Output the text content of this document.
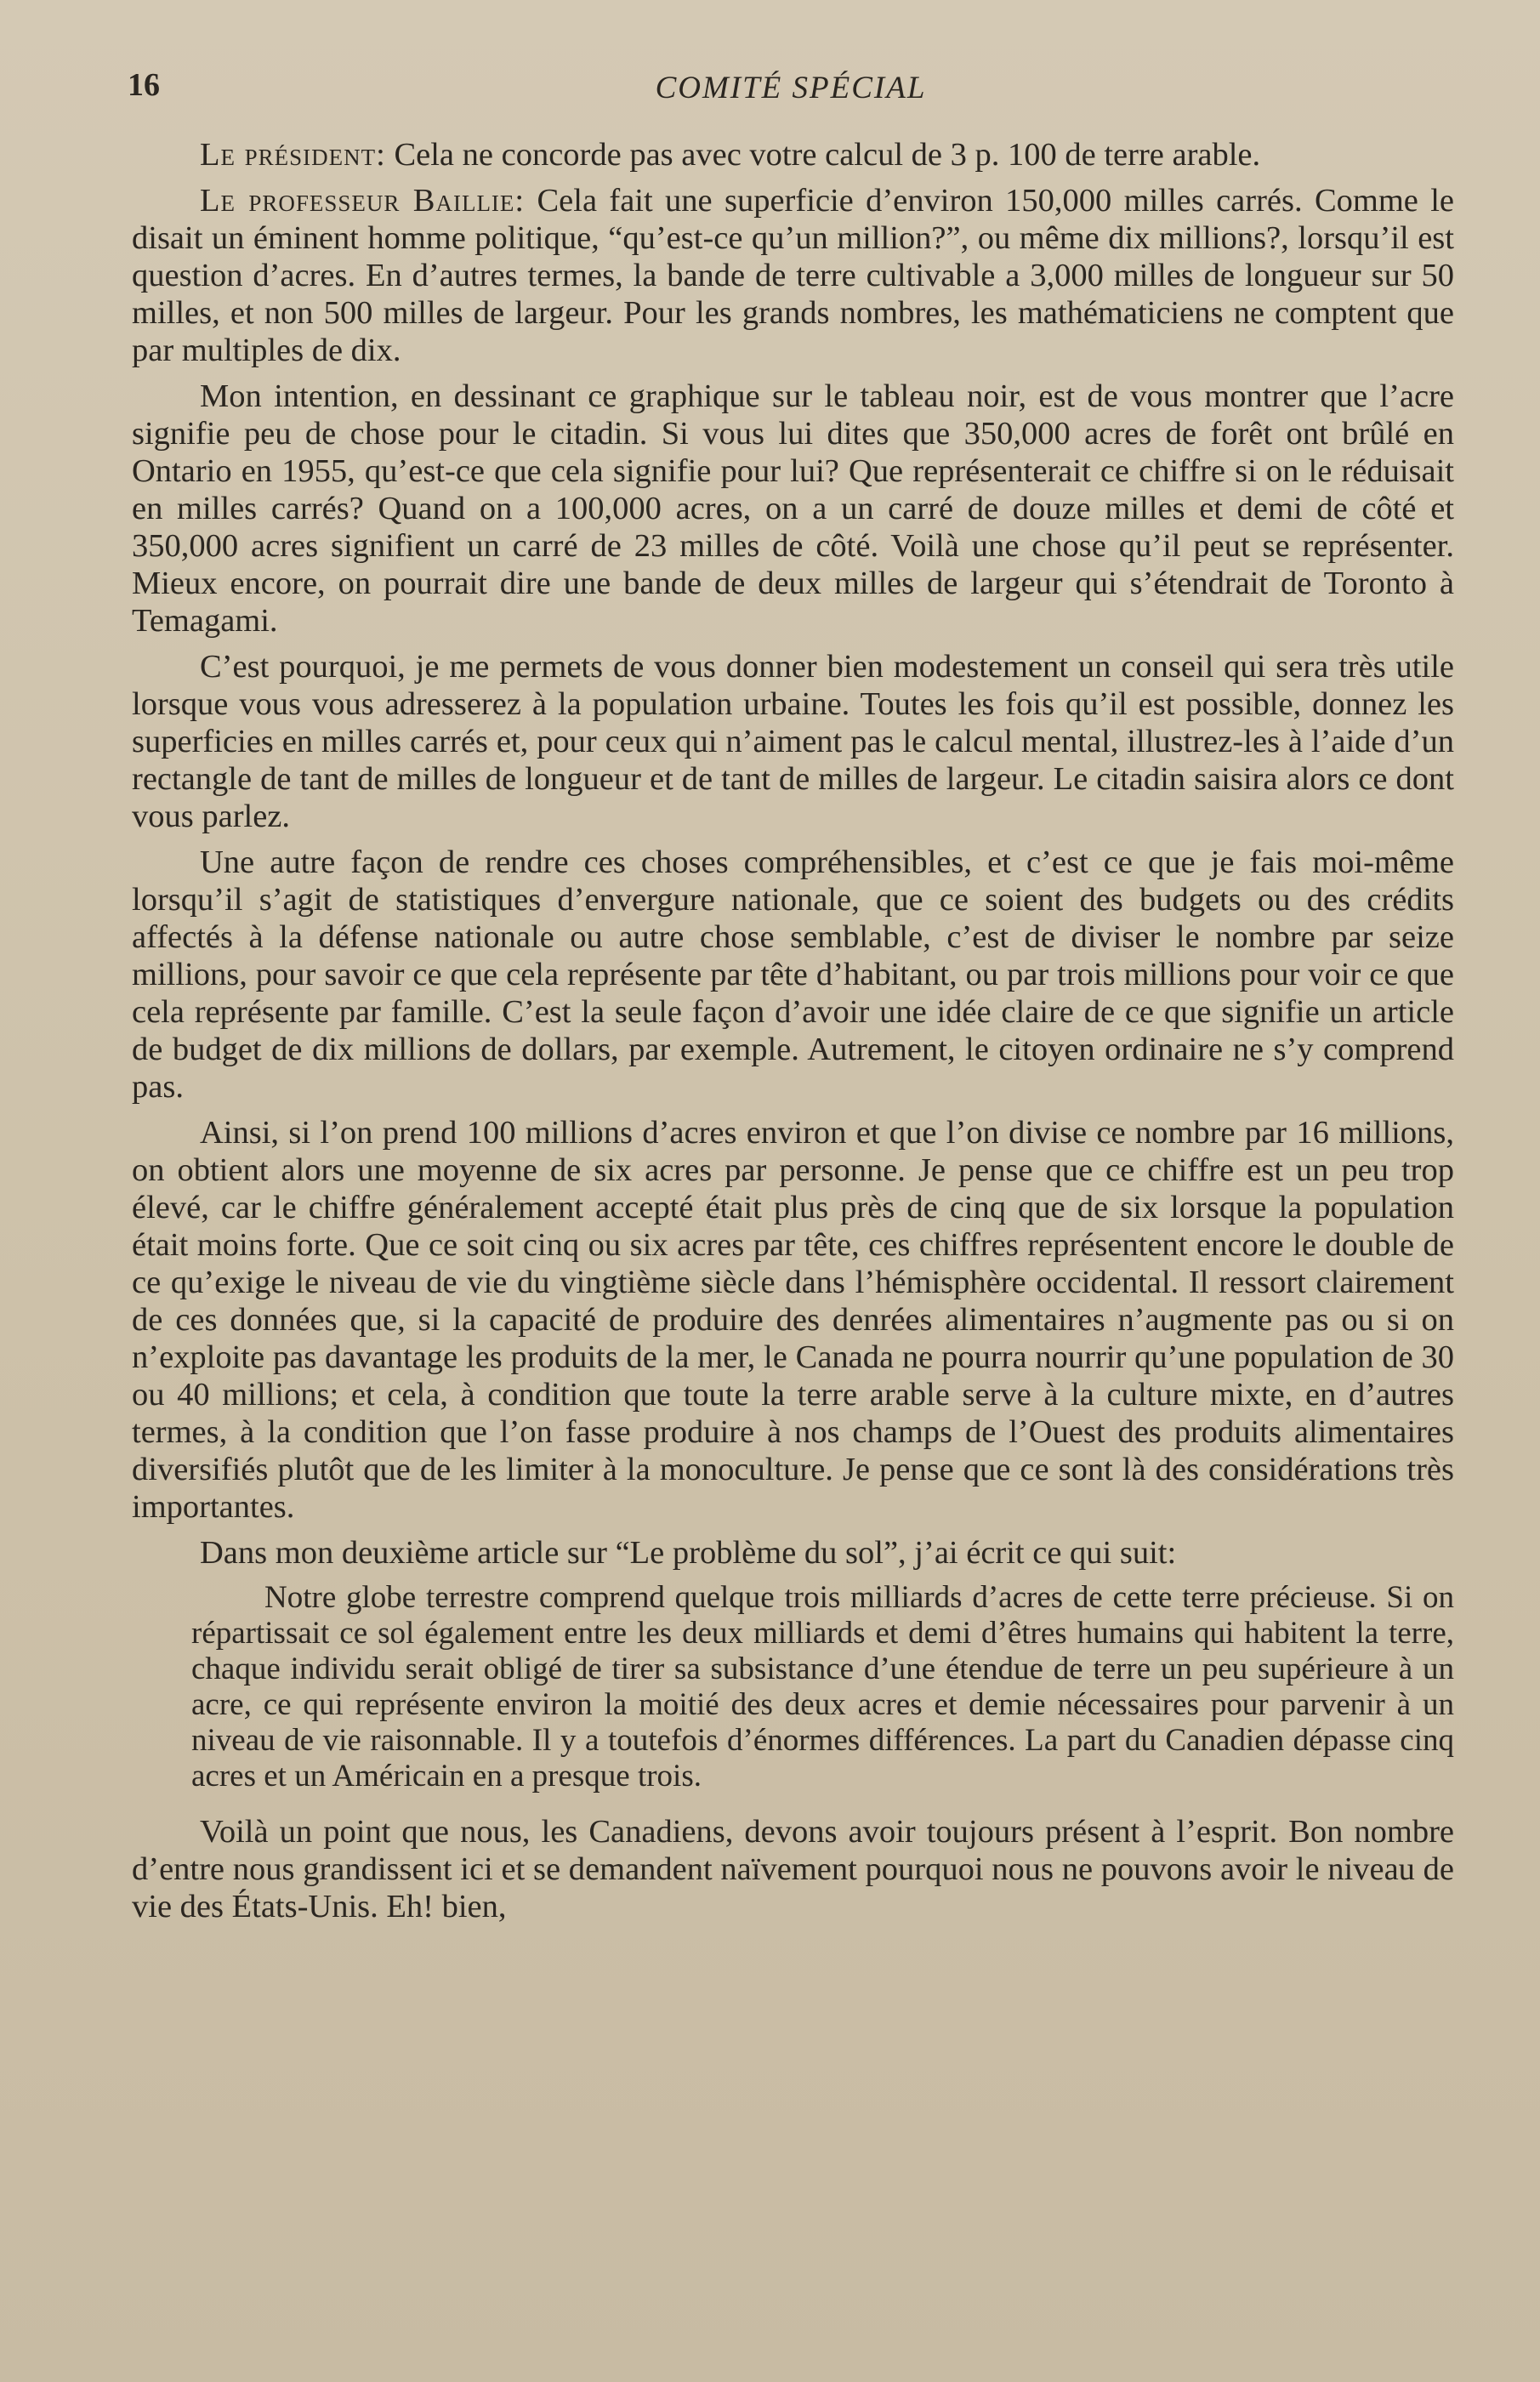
16	COMITÉ SPÉCIAL

Le président: Cela ne concorde pas avec votre calcul de 3 p. 100 de terre arable.

Le professeur Baillie: Cela fait une superficie d’environ 150,000 milles carrés. Comme le disait un éminent homme politique, “qu’est-ce qu’un million?”, ou même dix millions?, lorsqu’il est question d’acres. En d’autres termes, la bande de terre cultivable a 3,000 milles de longueur sur 50 milles, et non 500 milles de largeur. Pour les grands nombres, les mathématiciens ne comptent que par multiples de dix.

Mon intention, en dessinant ce graphique sur le tableau noir, est de vous montrer que l’acre signifie peu de chose pour le citadin. Si vous lui dites que 350,000 acres de forêt ont brûlé en Ontario en 1955, qu’est-ce que cela signifie pour lui? Que représenterait ce chiffre si on le réduisait en milles carrés? Quand on a 100,000 acres, on a un carré de douze milles et demi de côté et 350,000 acres signifient un carré de 23 milles de côté. Voilà une chose qu’il peut se représenter. Mieux encore, on pourrait dire une bande de deux milles de largeur qui s’étendrait de Toronto à Temagami.

C’est pourquoi, je me permets de vous donner bien modestement un conseil qui sera très utile lorsque vous vous adresserez à la population urbaine. Toutes les fois qu’il est possible, donnez les superficies en milles carrés et, pour ceux qui n’aiment pas le calcul mental, illustrez-les à l’aide d’un rectangle de tant de milles de longueur et de tant de milles de largeur. Le citadin saisira alors ce dont vous parlez.

Une autre façon de rendre ces choses compréhensibles, et c’est ce que je fais moi-même lorsqu’il s’agit de statistiques d’envergure nationale, que ce soient des budgets ou des crédits affectés à la défense nationale ou autre chose semblable, c’est de diviser le nombre par seize millions, pour savoir ce que cela représente par tête d’habitant, ou par trois millions pour voir ce que cela représente par famille. C’est la seule façon d’avoir une idée claire de ce que signifie un article de budget de dix millions de dollars, par exemple. Autrement, le citoyen ordinaire ne s’y comprend pas.

Ainsi, si l’on prend 100 millions d’acres environ et que l’on divise ce nombre par 16 millions, on obtient alors une moyenne de six acres par personne. Je pense que ce chiffre est un peu trop élevé, car le chiffre généralement accepté était plus près de cinq que de six lorsque la population était moins forte. Que ce soit cinq ou six acres par tête, ces chiffres représentent encore le double de ce qu’exige le niveau de vie du vingtième siècle dans l’hémisphère occidental. Il ressort clairement de ces données que, si la capacité de produire des denrées alimentaires n’augmente pas ou si on n’exploite pas davantage les produits de la mer, le Canada ne pourra nourrir qu’une population de 30 ou 40 millions; et cela, à condition que toute la terre arable serve à la culture mixte, en d’autres termes, à la condition que l’on fasse produire à nos champs de l’Ouest des produits alimentaires diversifiés plutôt que de les limiter à la monoculture. Je pense que ce sont là des considérations très importantes.

Dans mon deuxième article sur “Le problème du sol”, j’ai écrit ce qui suit:

Notre globe terrestre comprend quelque trois milliards d’acres de cette terre précieuse. Si on répartissait ce sol également entre les deux milliards et demi d’êtres humains qui habitent la terre, chaque individu serait obligé de tirer sa subsistance d’une étendue de terre un peu supérieure à un acre, ce qui représente environ la moitié des deux acres et demie nécessaires pour parvenir à un niveau de vie raisonnable. Il y a toutefois d’énormes différences. La part du Canadien dépasse cinq acres et un Américain en a presque trois.

Voilà un point que nous, les Canadiens, devons avoir toujours présent à l’esprit. Bon nombre d’entre nous grandissent ici et se demandent naïvement pourquoi nous ne pouvons avoir le niveau de vie des États-Unis. Eh! bien,
